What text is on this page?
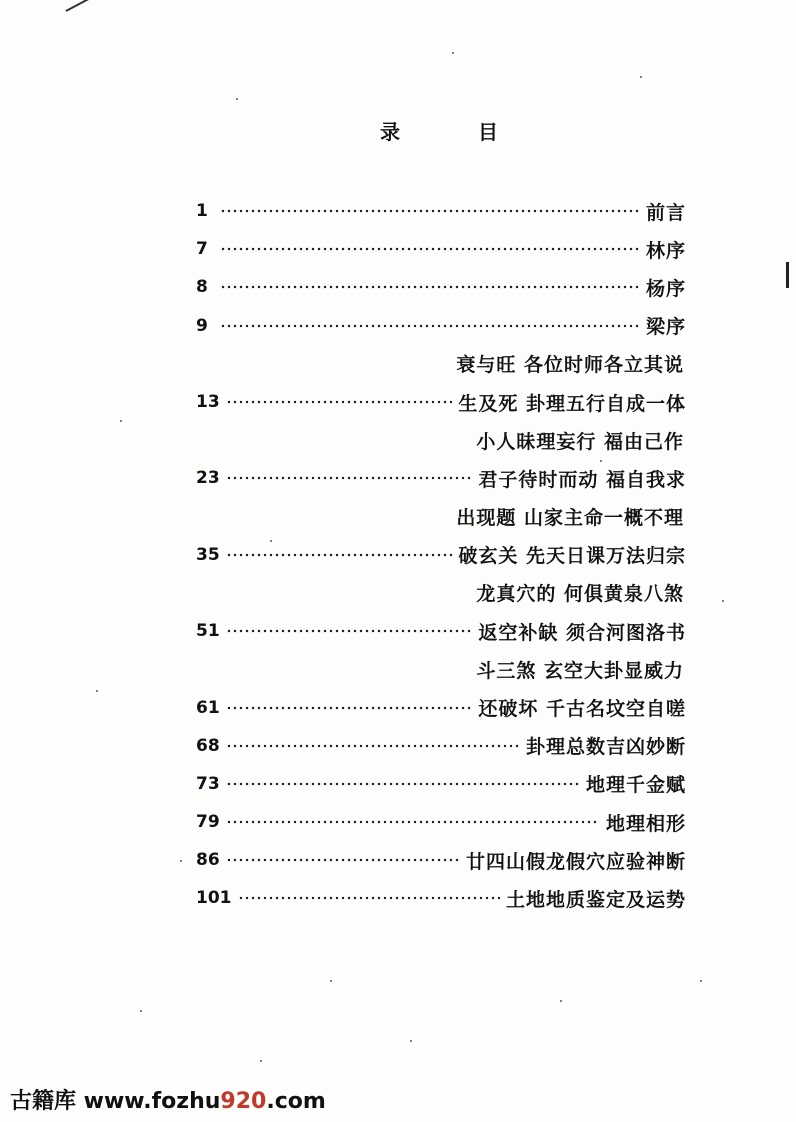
录	目
1	前言
7	林序
8	杨序
9	梁序
衰与旺 各位时师各立其说
13	生及死 卦理五行自成一体
小人昧理妄行 福由己作
23	君子待时而动 福自我求
出现题 山家主命一概不理
35	破玄关 先天日课万法归宗
龙真穴的 何俱黄泉八煞
51	返空补缺 须合河图洛书
斗三煞 玄空大卦显威力
61	还破坏 千古名坟空自嗟
68	卦理总数吉凶妙断
73	地理千金赋
79	地理相形
86	廿四山假龙假穴应验神断
101	土地地质鉴定及运势
古籍库 www.fozhu920.com
